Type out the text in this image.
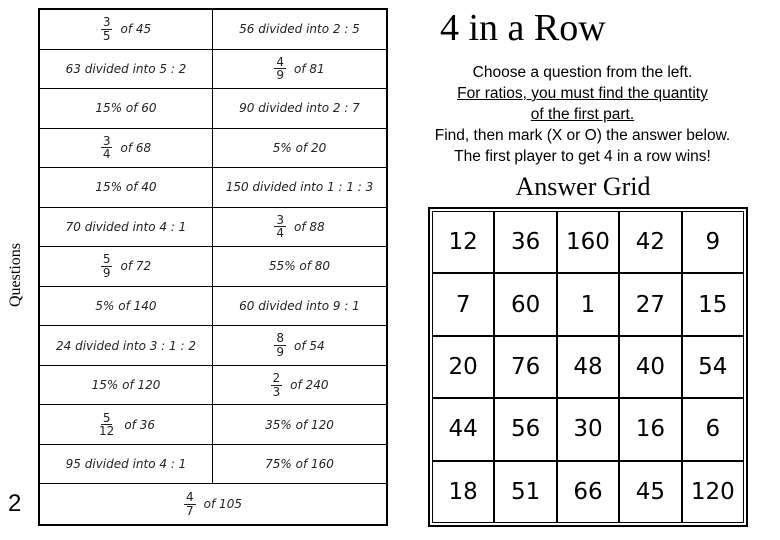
Questions
2
$\frac{3}{5}$ of 45	56 divided into 2 : 5
63 divided into 5 : 2	$\frac{4}{9}$ of 81
15% of 60	90 divided into 2 : 7
$\frac{3}{4}$ of 68	5% of 20
15% of 40	150 divided into 1 : 1 : 3
70 divided into 4 : 1	$\frac{3}{4}$ of 88
$\frac{5}{9}$ of 72	55% of 80
5% of 140	60 divided into 9 : 1
24 divided into 3 : 1 : 2	$\frac{8}{9}$ of 54
15% of 120	$\frac{2}{3}$ of 240
$\frac{5}{12}$ of 36	35% of 120
95 divided into 4 : 1	75% of 160
$\frac{4}{7}$ of 105
4 in a Row
Choose a question from the left.
For ratios, you must find the quantity
of the first part.
Find, then mark (X or O) the answer below.
The first player to get 4 in a row wins!
Answer Grid
12	36	160	42	9
7	60	1	27	15
20	76	48	40	54
44	56	30	16	6
18	51	66	45	120
